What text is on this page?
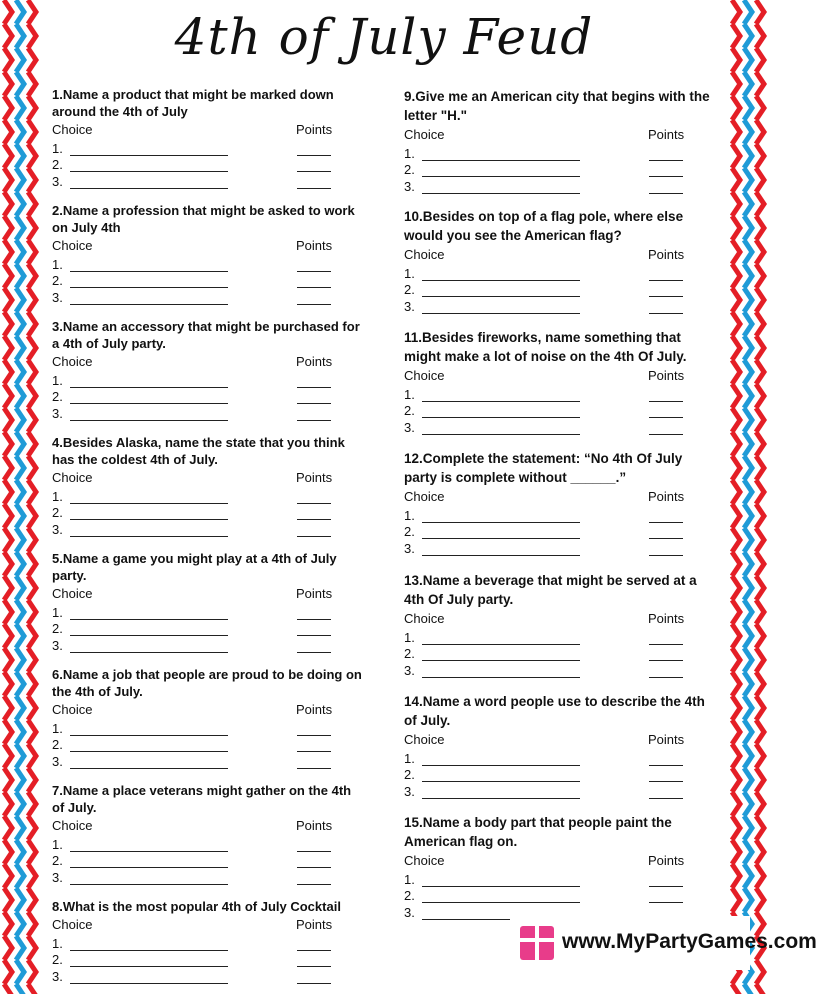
4th of July Feud
1.Name a product that might be marked down around the 4th of July
Choice	Points
1.
2.
3.
2.Name a profession that might be asked to work on July 4th
Choice	Points
1.
2.
3.
3.Name an accessory that might be purchased for a 4th of July party.
Choice	Points
1.
2.
3.
4.Besides Alaska, name the state that you think has the coldest 4th of July.
Choice	Points
1.
2.
3.
5.Name a game you might play at a 4th of July party.
Choice	Points
1.
2.
3.
6.Name a job that people are proud to be doing on the 4th of July.
Choice	Points
1.
2.
3.
7.Name a place veterans might gather on the 4th of July.
Choice	Points
1.
2.
3.
8.What is the most popular 4th of July Cocktail
Choice	Points
1.
2.
3.
9.Give me an American city that begins with the letter "H."
Choice	Points
1.
2.
3.
10.Besides on top of a flag pole, where else would you see the American flag?
Choice	Points
1.
2.
3.
11.Besides fireworks, name something that might make a lot of noise on the 4th Of July.
Choice	Points
1.
2.
3.
12.Complete the statement: “No 4th Of July party is complete without ______.”
Choice	Points
1.
2.
3.
13.Name a beverage that might be served at a 4th Of July party.
Choice	Points
1.
2.
3.
14.Name a word people use to describe the 4th of July.
Choice	Points
1.
2.
3.
15.Name a body part that people paint the American flag on.
Choice	Points
1.
2.
3.
www.MyPartyGames.com
